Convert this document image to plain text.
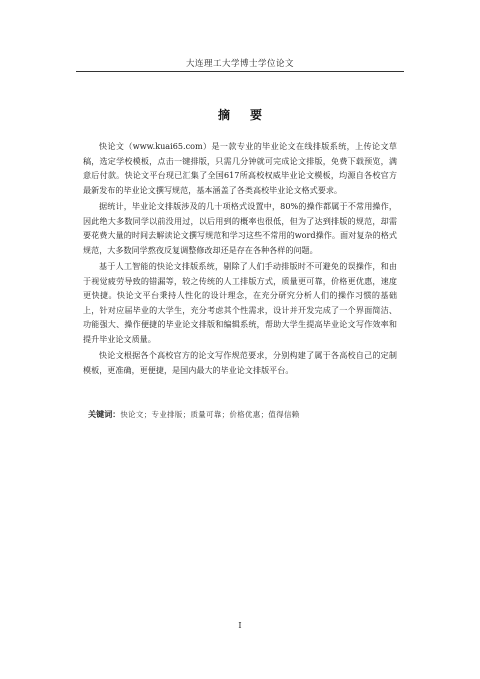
大连理工大学博士学位论文
摘要

快论文（www.kuai65.com）是一款专业的毕业论文在线排版系统，上传论文草稿，选定学校模板，点击一键排版，只需几分钟就可完成论文排版，免费下载预览，满意后付款。快论文平台现已汇集了全国617所高校权威毕业论文模板，均源自各校官方最新发布的毕业论文撰写规范，基本涵盖了各类高校毕业论文格式要求。

据统计，毕业论文排版涉及的几十项格式设置中，80%的操作都属于不常用操作，因此绝大多数同学以前没用过，以后用到的概率也很低，但为了达到排版的规范，却需要花费大量的时间去解读论文撰写规范和学习这些不常用的word操作。面对复杂的格式规范，大多数同学熬夜反复调整修改却还是存在各种各样的问题。

基于人工智能的快论文排版系统，剔除了人们手动排版时不可避免的误操作，和由于视觉疲劳导致的错漏等，较之传统的人工排版方式，质量更可靠，价格更优惠，速度更快捷。快论文平台秉持人性化的设计理念，在充分研究分析人们的操作习惯的基础上，针对应届毕业的大学生，充分考虑其个性需求，设计并开发完成了一个界面简洁、功能强大、操作便捷的毕业论文排版和编辑系统，帮助大学生提高毕业论文写作效率和提升毕业论文质量。

快论文根据各个高校官方的论文写作规范要求，分别构建了属于各高校自己的定制模板，更准确，更便捷，是国内最大的毕业论文排版平台。

关键词：快论文；专业排版；质量可靠；价格优惠；值得信赖
I
